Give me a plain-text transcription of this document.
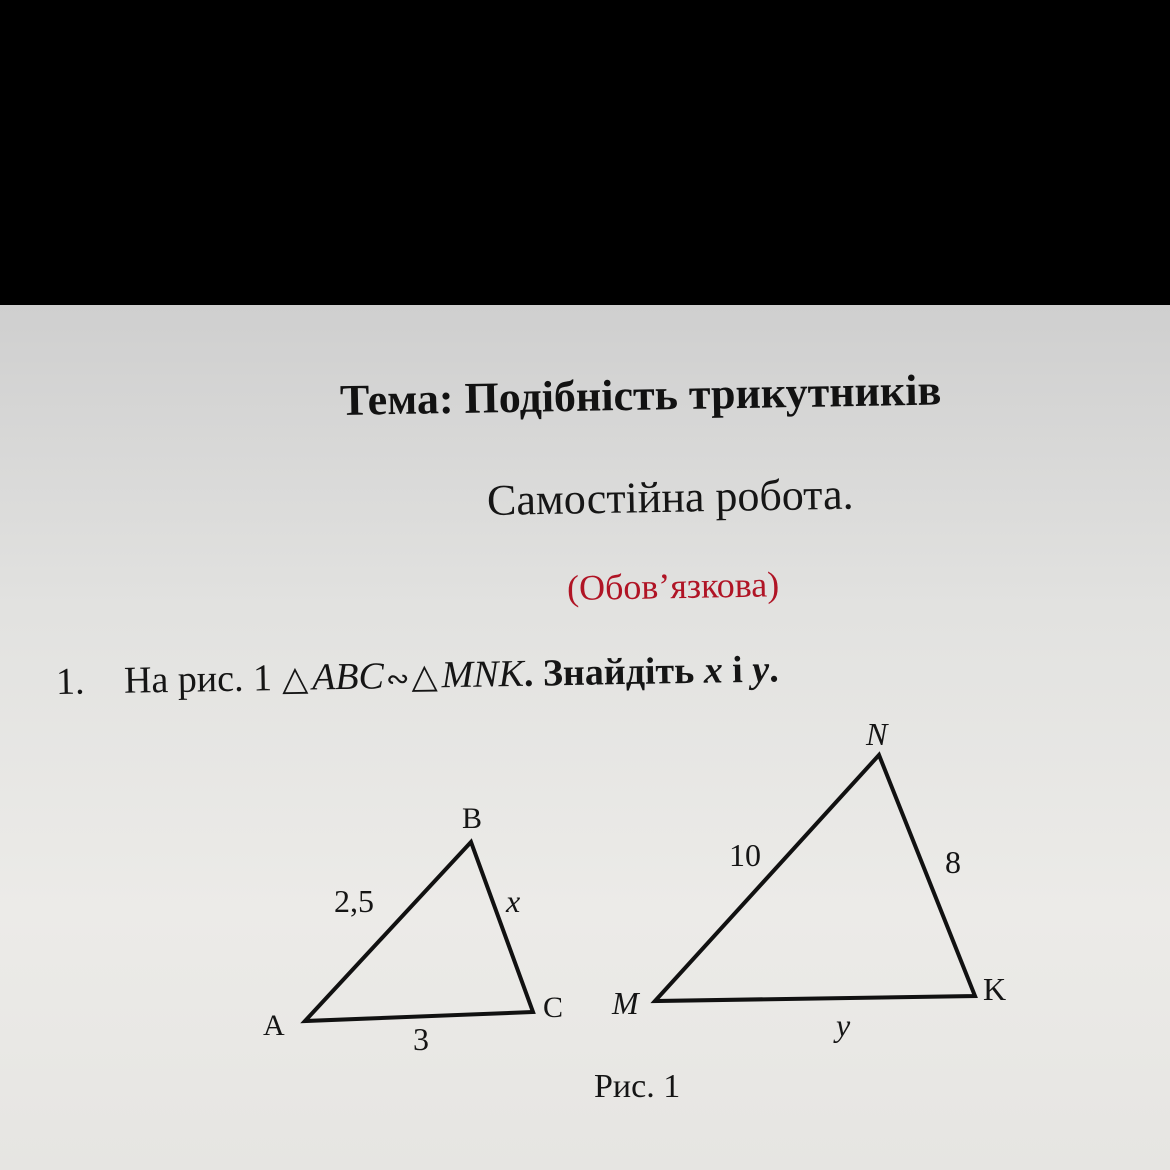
Тема: Подібність трикутників
Самостійна робота.
(Обов’язкова)
1. На рис. 1 △ABC∾△MNK. Знайдіть x і y.
A
B
C
2,5	x
3
M
N
K
10	8
y
Рис. 1
